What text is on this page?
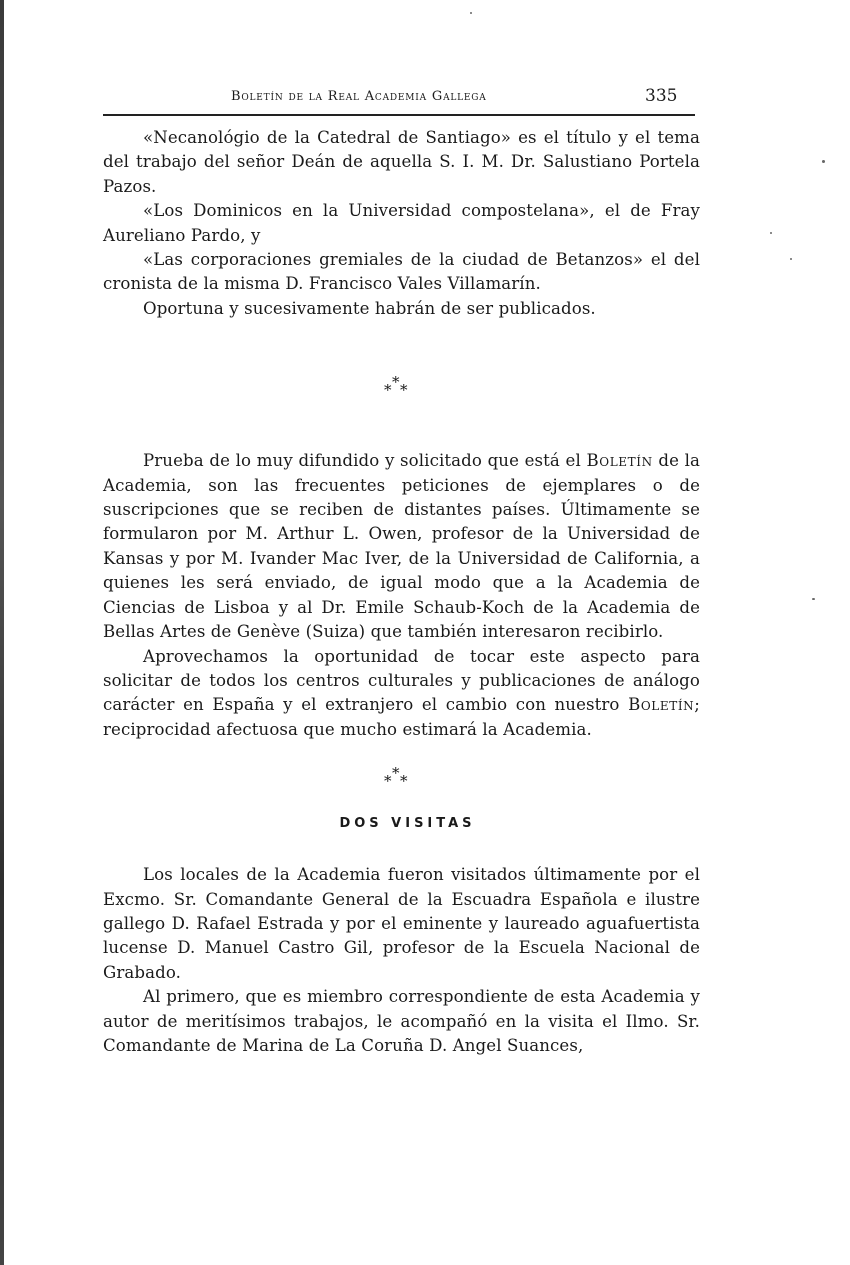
Boletín de la Real Academia Gallega	335

«Necanológio de la Catedral de Santiago» es el título y el tema del trabajo del señor Deán de aquella S. I. M. Dr. Salustiano Portela Pazos.

«Los Dominicos en la Universidad compostelana», el de Fray Aureliano Pardo, y

«Las corporaciones gremiales de la ciudad de Betanzos» el del cronista de la misma D. Francisco Vales Villamarín.

Oportuna y sucesivamente habrán de ser publicados.

*
* *

Prueba de lo muy difundido y solicitado que está el Boletín de la Academia, son las frecuentes peticiones de ejemplares o de suscripciones que se reciben de distantes países. Últimamente se formularon por M. Arthur L. Owen, profesor de la Universidad de Kansas y por M. Ivander Mac Iver, de la Universidad de California, a quienes les será enviado, de igual modo que a la Academia de Ciencias de Lisboa y al Dr. Emile Schaub-Koch de la Academia de Bellas Artes de Genève (Suiza) que también interesaron recibirlo.

Aprovechamos la oportunidad de tocar este aspecto para solicitar de todos los centros culturales y publicaciones de análogo carácter en España y el extranjero el cambio con nuestro Boletín; reciprocidad afectuosa que mucho estimará la Academia.

*
* *
DOS VISITAS

Los locales de la Academia fueron visitados últimamente por el Excmo. Sr. Comandante General de la Escuadra Española e ilustre gallego D. Rafael Estrada y por el eminente y laureado aguafuertista lucense D. Manuel Castro Gil, profesor de la Escuela Nacional de Grabado.

Al primero, que es miembro correspondiente de esta Academia y autor de meritísimos trabajos, le acompañó en la visita el Ilmo. Sr. Comandante de Marina de La Coruña D. Angel Suances,
